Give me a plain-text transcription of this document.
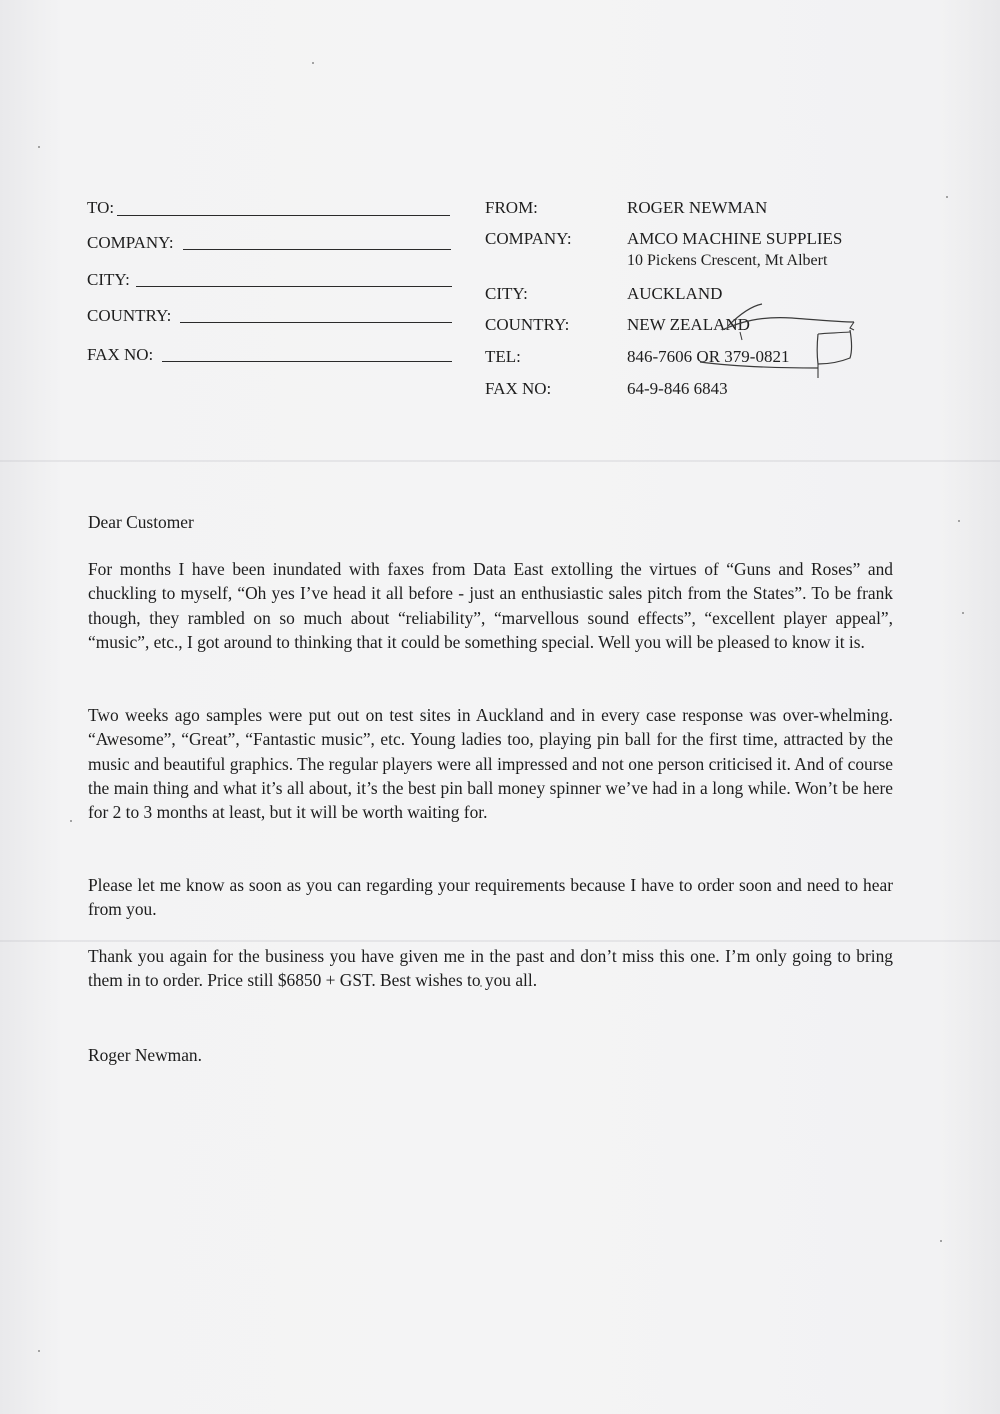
TO:
COMPANY:
CITY:
COUNTRY:
FAX NO:
FROM:	ROGER NEWMAN
COMPANY:	AMCO MACHINE SUPPLIES
10 Pickens Crescent, Mt Albert
CITY:	AUCKLAND
COUNTRY:	NEW ZEALAND
TEL:	846-7606 OR 379-0821
FAX NO:	64-9-846 6843

Dear Customer

For months I have been inundated with faxes from Data East extolling the virtues of “Guns and Roses” and chuckling to myself, “Oh yes I’ve head it all before - just an enthusiastic sales pitch from the States”. To be frank though, they rambled on so much about “reliability”, “marvellous sound effects”, “excellent player appeal”, “music”, etc., I got around to thinking that it could be something special. Well you will be pleased to know it is.

Two weeks ago samples were put out on test sites in Auckland and in every case response was over-whelming. “Awesome”, “Great”, “Fantastic music”, etc. Young ladies too, playing pin ball for the first time, attracted by the music and beautiful graphics. The regular players were all impressed and not one person criticised it. And of course the main thing and what it’s all about, it’s the best pin ball money spinner we’ve had in a long while. Won’t be here for 2 to 3 months at least, but it will be worth waiting for.

Please let me know as soon as you can regarding your requirements because I have to order soon and need to hear from you.

Thank you again for the business you have given me in the past and don’t miss this one. I’m only going to bring them in to order. Price still $6850 + GST. Best wishes to you all.

Roger Newman.
